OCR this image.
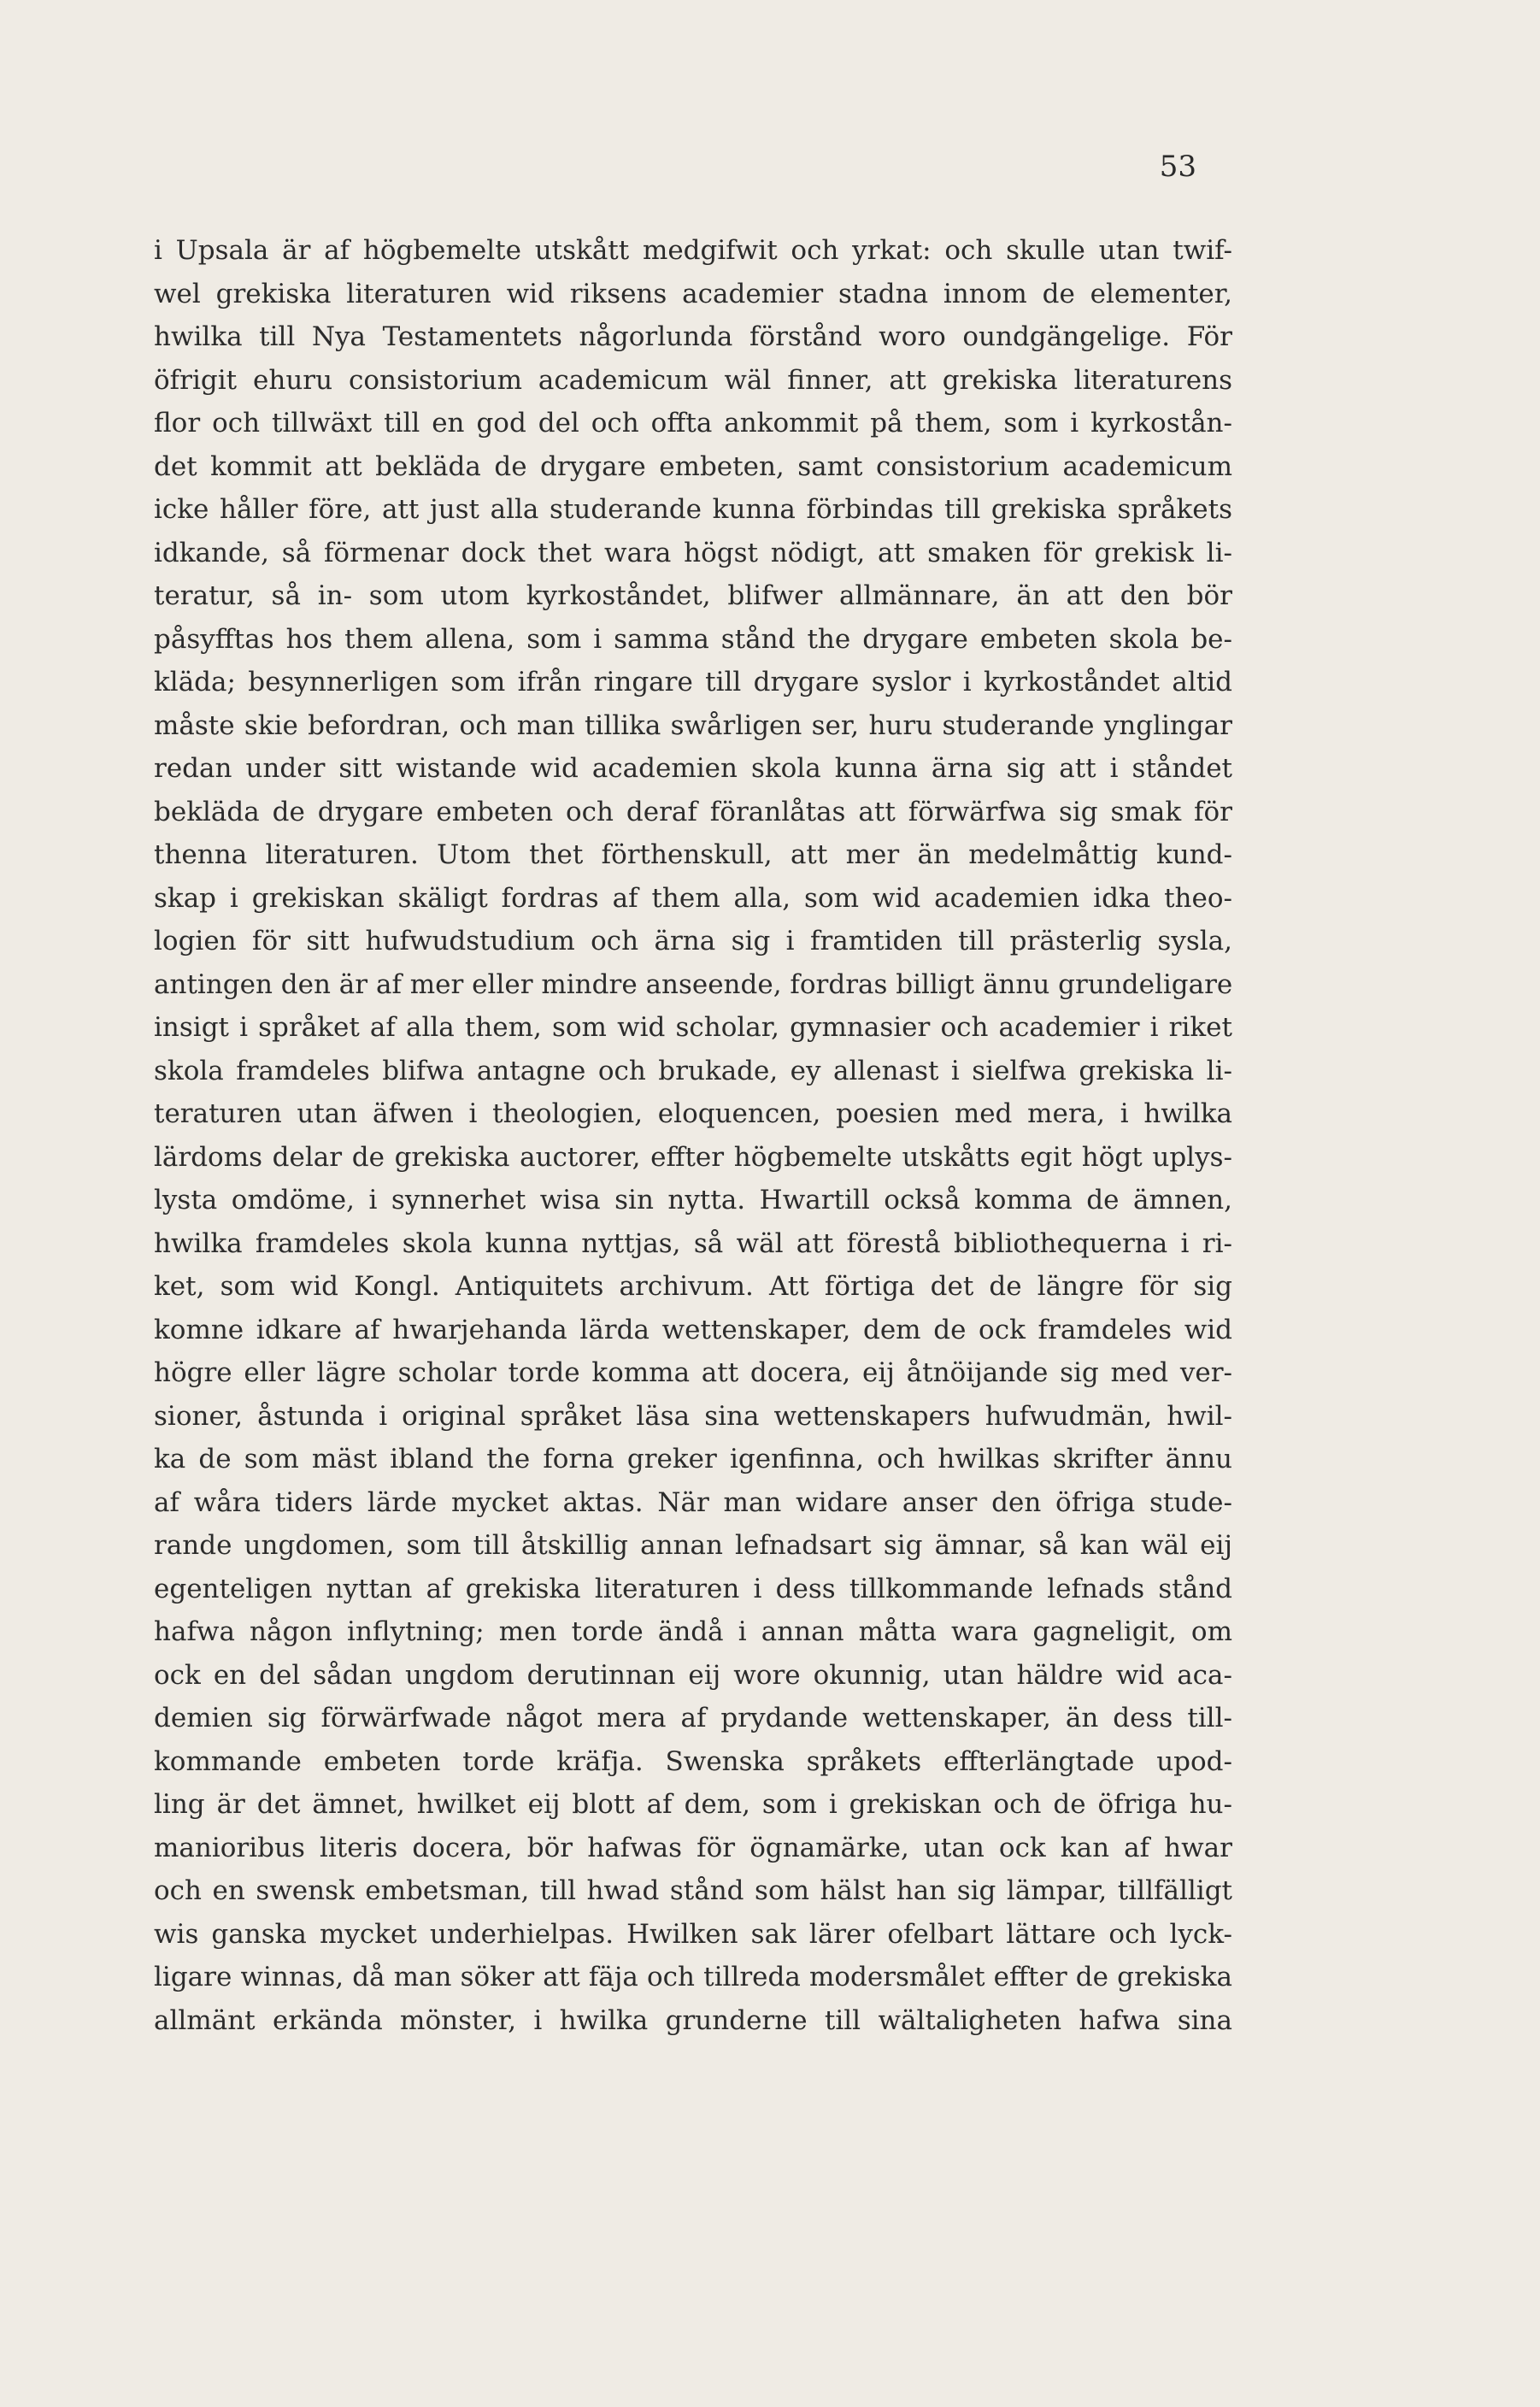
53
i Upsala är af högbemelte utskått medgifwit och yrkat: och skulle utan twif-
wel grekiska literaturen wid riksens academier stadna innom de elementer,
hwilka till Nya Testamentets någorlunda förstånd woro oundgängelige. För
öfrigit ehuru consistorium academicum wäl finner, att grekiska literaturens
flor och tillwäxt till en god del och offta ankommit på them, som i kyrkostån-
det kommit att bekläda de drygare embeten, samt consistorium academicum
icke håller före, att just alla studerande kunna förbindas till grekiska språkets
idkande, så förmenar dock thet wara högst nödigt, att smaken för grekisk li-
teratur, så in- som utom kyrkoståndet, blifwer allmännare, än att den bör
påsyfftas hos them allena, som i samma stånd the drygare embeten skola be-
kläda; besynnerligen som ifrån ringare till drygare syslor i kyrkoståndet altid
måste skie befordran, och man tillika swårligen ser, huru studerande ynglingar
redan under sitt wistande wid academien skola kunna ärna sig att i ståndet
bekläda de drygare embeten och deraf föranlåtas att förwärfwa sig smak för
thenna literaturen. Utom thet förthenskull, att mer än medelmåttig kund-
skap i grekiskan skäligt fordras af them alla, som wid academien idka theo-
logien för sitt hufwudstudium och ärna sig i framtiden till prästerlig sysla,
antingen den är af mer eller mindre anseende, fordras billigt ännu grundeligare
insigt i språket af alla them, som wid scholar, gymnasier och academier i riket
skola framdeles blifwa antagne och brukade, ey allenast i sielfwa grekiska li-
teraturen utan äfwen i theologien, eloquencen, poesien med mera, i hwilka
lärdoms delar de grekiska auctorer, effter högbemelte utskåtts egit högt uplys-
lysta omdöme, i synnerhet wisa sin nytta. Hwartill också komma de ämnen,
hwilka framdeles skola kunna nyttjas, så wäl att förestå bibliothequerna i ri-
ket, som wid Kongl. Antiquitets archivum. Att förtiga det de längre för sig
komne idkare af hwarjehanda lärda wettenskaper, dem de ock framdeles wid
högre eller lägre scholar torde komma att docera, eij åtnöijande sig med ver-
sioner, åstunda i original språket läsa sina wettenskapers hufwudmän, hwil-
ka de som mäst ibland the forna greker igenfinna, och hwilkas skrifter ännu
af wåra tiders lärde mycket aktas. När man widare anser den öfriga stude-
rande ungdomen, som till åtskillig annan lefnadsart sig ämnar, så kan wäl eij
egenteligen nyttan af grekiska literaturen i dess tillkommande lefnads stånd
hafwa någon inflytning; men torde ändå i annan måtta wara gagneligit, om
ock en del sådan ungdom derutinnan eij wore okunnig, utan häldre wid aca-
demien sig förwärfwade något mera af prydande wettenskaper, än dess till-
kommande embeten torde kräfja. Swenska språkets effterlängtade upod-
ling är det ämnet, hwilket eij blott af dem, som i grekiskan och de öfriga hu-
manioribus literis docera, bör hafwas för ögnamärke, utan ock kan af hwar
och en swensk embetsman, till hwad stånd som hälst han sig lämpar, tillfälligt
wis ganska mycket underhielpas. Hwilken sak lärer ofelbart lättare och lyck-
ligare winnas, då man söker att fäja och tillreda modersmålet effter de grekiska
allmänt erkända mönster, i hwilka grunderne till wältaligheten hafwa sina
